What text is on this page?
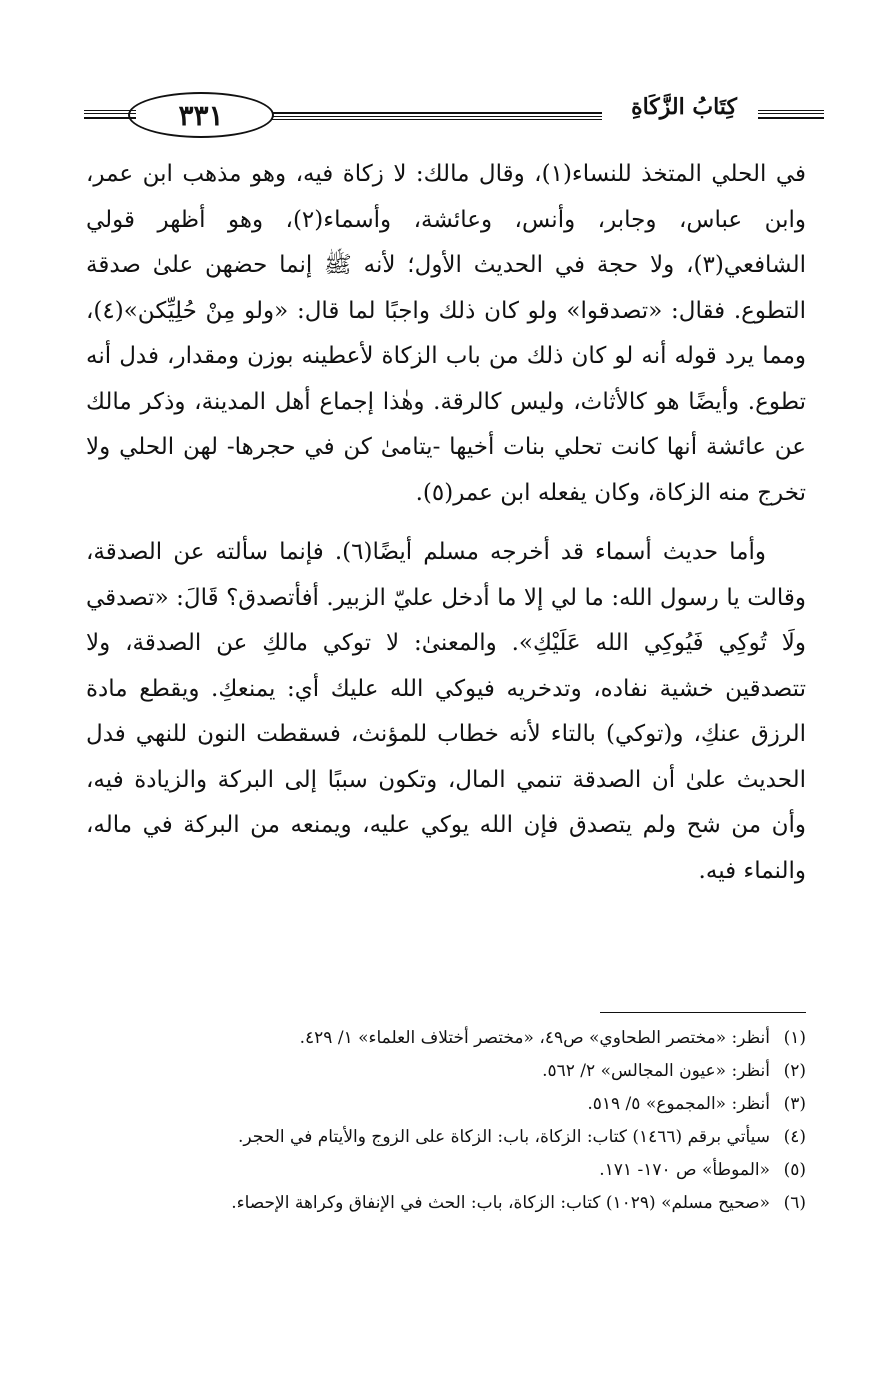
٣٣١	كِتَابُ الزَّكَاةِ

في الحلي المتخذ للنساء(١)، وقال مالك: لا زكاة فيه، وهو مذهب ابن عمر، وابن عباس، وجابر، وأنس، وعائشة، وأسماء(٢)، وهو أظهر قولي الشافعي(٣)، ولا حجة في الحديث الأول؛ لأنه ﷺ إنما حضهن علىٰ صدقة التطوع. فقال: «تصدقوا» ولو كان ذلك واجبًا لما قال: «ولو مِنْ حُلِيِّكن»(٤)، ومما يرد قوله أنه لو كان ذلك من باب الزكاة لأعطينه بوزن ومقدار، فدل أنه تطوع. وأيضًا هو كالأثاث، وليس كالرقة. وهٰذا إجماع أهل المدينة، وذكر مالك عن عائشة أنها كانت تحلي بنات أخيها -يتامىٰ كن في حجرها- لهن الحلي ولا تخرج منه الزكاة، وكان يفعله ابن عمر(٥).

وأما حديث أسماء قد أخرجه مسلم أيضًا(٦). فإنما سألته عن الصدقة، وقالت يا رسول الله: ما لي إلا ما أدخل عليّ الزبير. أفأتصدق؟ قَالَ: «تصدقي ولَا تُوكِي فَيُوكِي الله عَلَيْكِ». والمعنىٰ: لا توكي مالكِ عن الصدقة، ولا تتصدقين خشية نفاده، وتدخريه فيوكي الله عليك أي: يمنعكِ. ويقطع مادة الرزق عنكِ، و(توكي) بالتاء لأنه خطاب للمؤنث، فسقطت النون للنهي فدل الحديث علىٰ أن الصدقة تنمي المال، وتكون سببًا إلى البركة والزيادة فيه، وأن من شح ولم يتصدق فإن الله يوكي عليه، ويمنعه من البركة في ماله، والنماء فيه.

(١)
أنظر: «مختصر الطحاوي» ص٤٩، «مختصر أختلاف العلماء» ١/ ٤٢٩.
(٢)
أنظر: «عيون المجالس» ٢/ ٥٦٢.
(٣)
أنظر: «المجموع» ٥/ ٥١٩.
(٤)
سيأتي برقم (١٤٦٦) كتاب: الزكاة، باب: الزكاة على الزوج والأيتام في الحجر.
(٥)
«الموطأ» ص ١٧٠- ١٧١.
(٦)
«صحيح مسلم» (١٠٢٩) كتاب: الزكاة، باب: الحث في الإنفاق وكراهة الإحصاء.
